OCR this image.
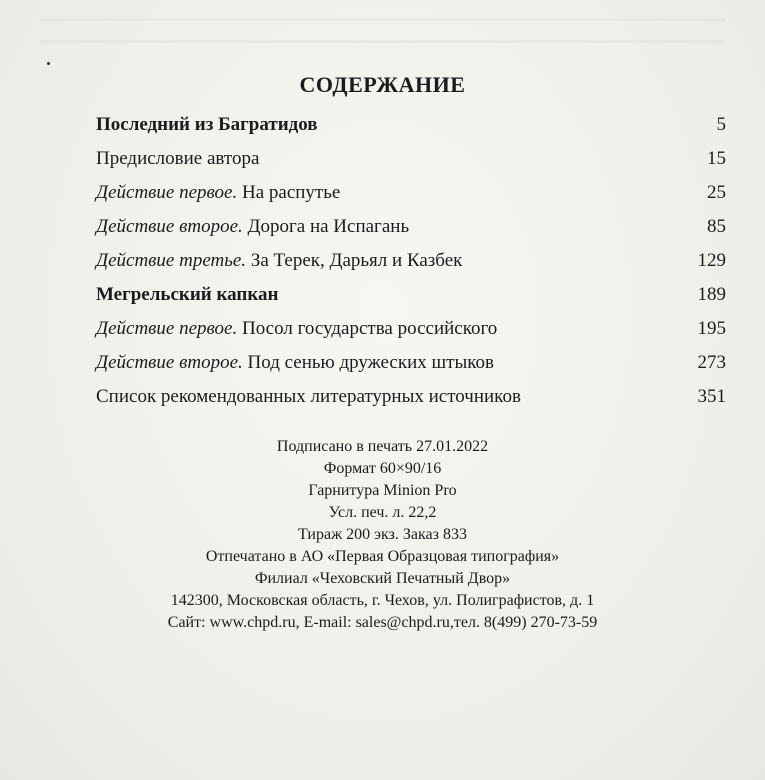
СОДЕРЖАНИЕ
Последний из Багратидов	5
Предисловие автора	15
Действие первое. На распутье	25
Действие второе. Дорога на Испагань	85
Действие третье. За Терек, Дарьял и Казбек	129
Мегрельский капкан	189
Действие первое. Посол государства российского	195
Действие второе. Под сенью дружеских штыков	273
Список рекомендованных литературных источников	351
Подписано в печать 27.01.2022
Формат 60×90/16
Гарнитура Minion Pro
Усл. печ. л. 22,2
Тираж 200 экз. Заказ 833
Отпечатано в АО «Первая Образцовая типография»
Филиал «Чеховский Печатный Двор»
142300, Московская область, г. Чехов, ул. Полиграфистов, д. 1
Сайт: www.chpd.ru, E-mail: sales@chpd.ru,тел. 8(499) 270-73-59
